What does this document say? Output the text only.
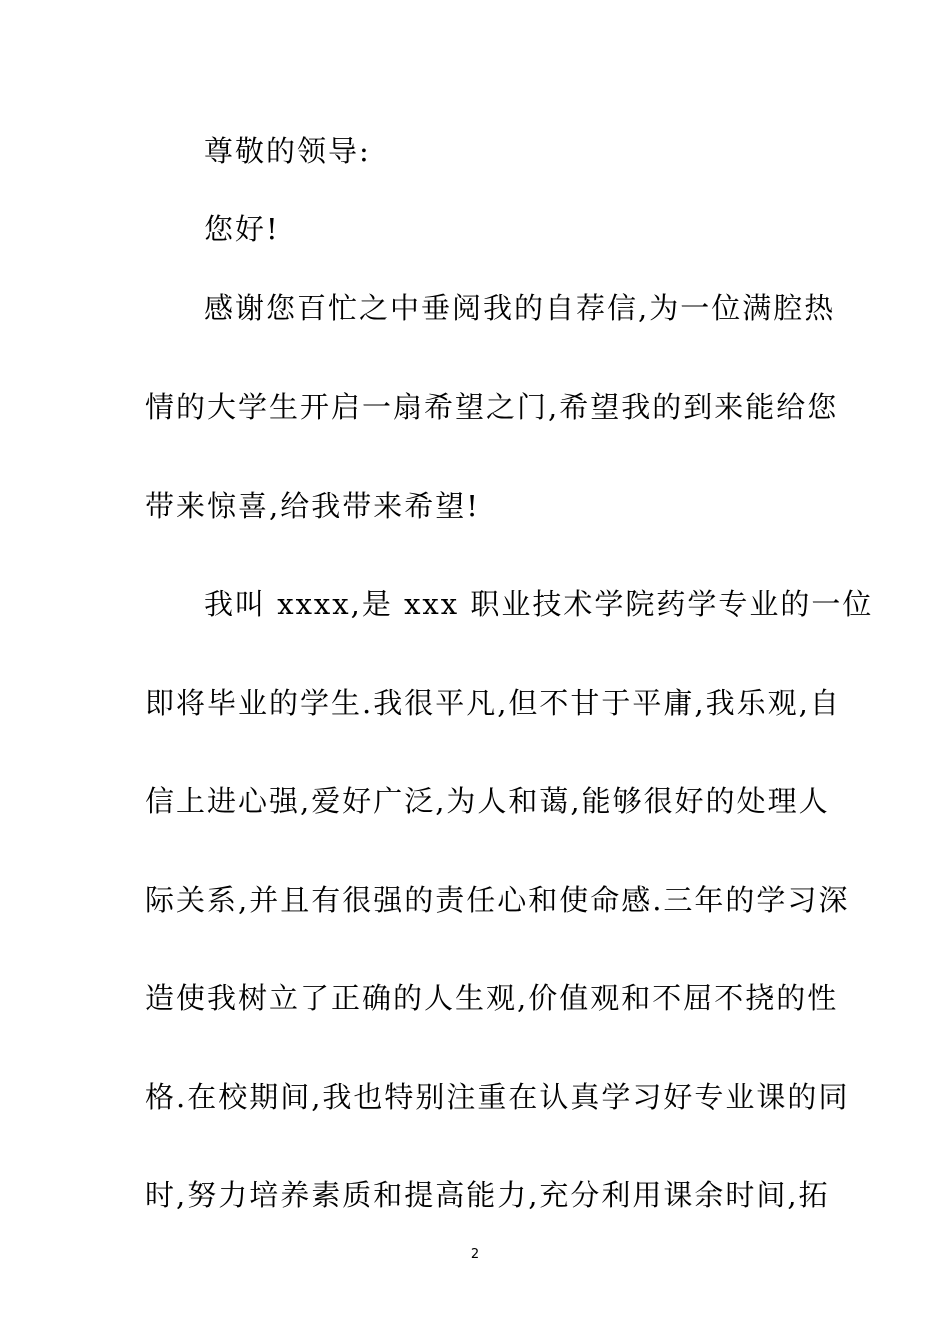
尊敬的领导:
您好!
感谢您百忙之中垂阅我的自荐信,为一位满腔热
情的大学生开启一扇希望之门,希望我的到来能给您
带来惊喜,给我带来希望!
我叫 xxxx,是 xxx 职业技术学院药学专业的一位
即将毕业的学生.我很平凡,但不甘于平庸,我乐观,自
信上进心强,爱好广泛,为人和蔼,能够很好的处理人
际关系,并且有很强的责任心和使命感.三年的学习深
造使我树立了正确的人生观,价值观和不屈不挠的性
格.在校期间,我也特别注重在认真学习好专业课的同
时,努力培养素质和提高能力,充分利用课余时间,拓
2
